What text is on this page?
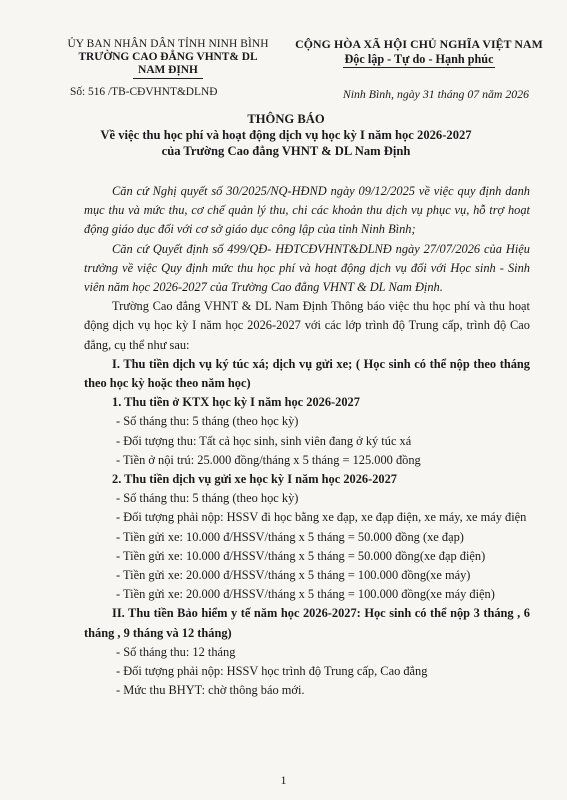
ỦY BAN NHÂN DÂN TỈNH NINH BÌNH
TRƯỜNG CAO ĐẲNG VHNT& DL
NAM ĐỊNH
Số: 516 /TB-CĐVHNT&DLNĐ
CỘNG HÒA XÃ HỘI CHỦ NGHĨA VIỆT NAM
Độc lập - Tự do - Hạnh phúc
Ninh Bình, ngày 31 tháng 07 năm 2026
THÔNG BÁO
Về việc thu học phí và hoạt động dịch vụ học kỳ I năm học 2026-2027
của Trường Cao đẳng VHNT & DL Nam Định

Căn cứ Nghị quyết số 30/2025/NQ-HĐND ngày 09/12/2025 về việc quy định danh mục thu và mức thu, cơ chế quản lý thu, chi các khoản thu dịch vụ phục vụ, hỗ trợ hoạt động giáo dục đối với cơ sở giáo dục công lập của tỉnh Ninh Bình;

Căn cứ Quyết định số 499/QĐ- HĐTCĐVHNT&DLNĐ ngày 27/07/2026 của Hiệu trưởng về việc Quy định mức thu học phí và hoạt động dịch vụ đối với Học sinh - Sinh viên năm học 2026-2027 của Trường Cao đẳng VHNT & DL Nam Định.

Trường Cao đẳng VHNT & DL Nam Định Thông báo việc thu học phí và thu hoạt động dịch vụ học kỳ I năm học 2026-2027 với các lớp trình độ Trung cấp, trình độ Cao đẳng, cụ thể như sau:

I. Thu tiền dịch vụ ký túc xá; dịch vụ gửi xe; ( Học sinh có thể nộp theo tháng theo học kỳ hoặc theo năm học)

1. Thu tiền ở KTX học kỳ I năm học 2026-2027

- Số tháng thu: 5 tháng (theo học kỳ)

- Đối tượng thu: Tất cả học sinh, sinh viên đang ở ký túc xá

- Tiền ở nội trú: 25.000 đồng/tháng x 5 tháng = 125.000 đồng

2. Thu tiền dịch vụ gửi xe học kỳ I năm học 2026-2027

- Số tháng thu: 5 tháng (theo học kỳ)

- Đối tượng phải nộp: HSSV đi học bằng xe đạp, xe đạp điện, xe máy, xe máy điện

- Tiền gửi xe: 10.000 đ/HSSV/tháng x 5 tháng = 50.000 đồng (xe đạp)

- Tiền gửi xe: 10.000 đ/HSSV/tháng x 5 tháng = 50.000 đồng(xe đạp điện)

- Tiền gửi xe: 20.000 đ/HSSV/tháng x 5 tháng = 100.000 đồng(xe máy)

- Tiền gửi xe: 20.000 đ/HSSV/tháng x 5 tháng = 100.000 đồng(xe máy điện)

II. Thu tiền Bảo hiểm y tế năm học 2026-2027: Học sinh có thể nộp 3 tháng , 6 tháng , 9 tháng và 12 tháng)

- Số tháng thu: 12 tháng

- Đối tượng phải nộp: HSSV học trình độ Trung cấp, Cao đẳng

- Mức thu BHYT: chờ thông báo mới.

1
